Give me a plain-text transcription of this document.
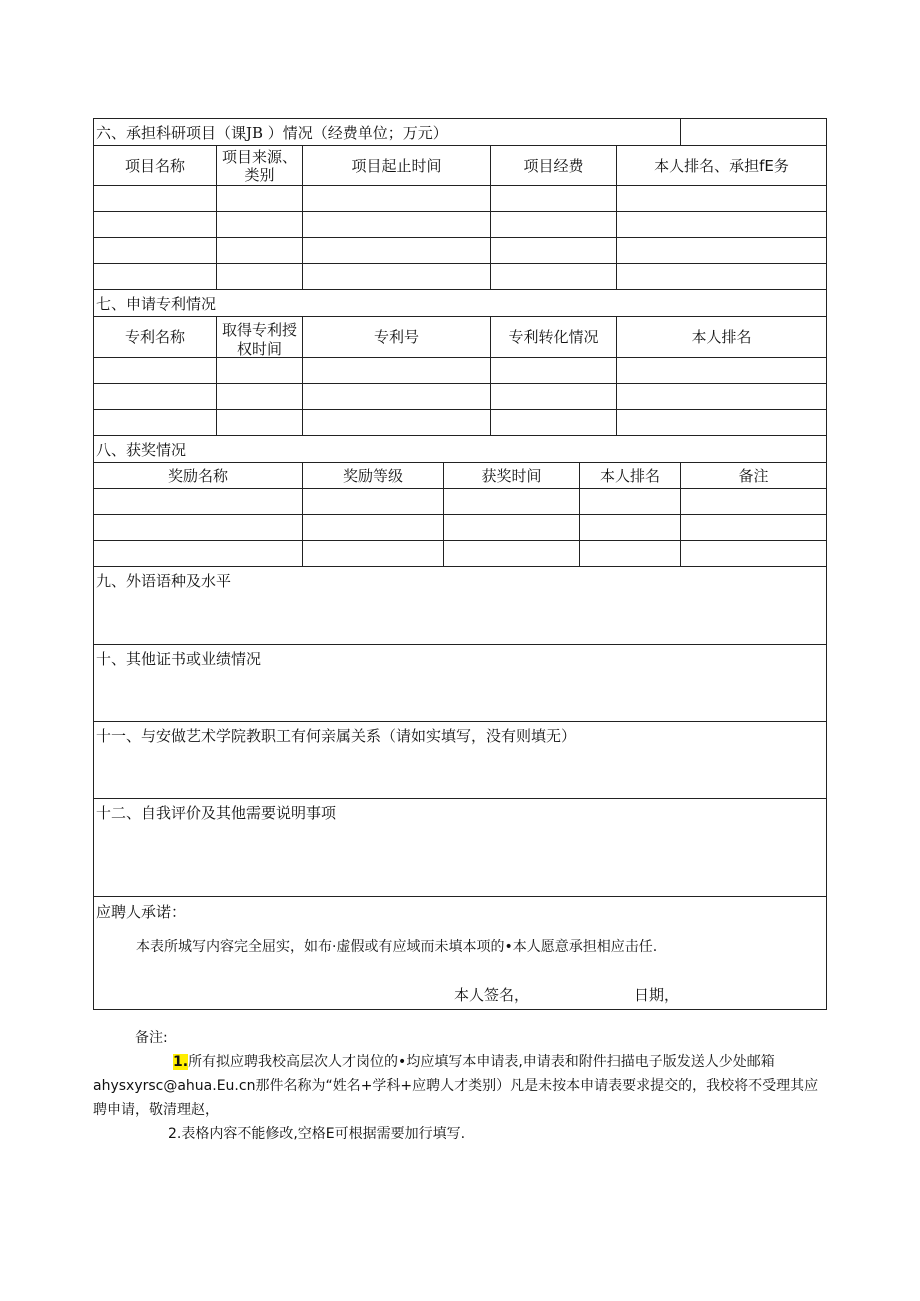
六、承担科研项目（课JB ）情况（经费单位；万元）							
项目名称	项目来源、类别	项目起止时间		项目经费		本人排名、承担fE务	

七、申请专利情况							
专利名称	取得专利授权时间	专利号		专利转化情况		本人排名	

八、获奖情况							
奖励名称		奖励等级	获奖时间		本人排名		备注

九、外语语种及水平							
十、其他证书或业绩情况							
十一、与安做艺术学院教职工有何亲属关系（请如实填写，没有则填无）							
十二、自我评价及其他需要说明事项							

应聘人承诺：
本表所城写内容完全屈实，如布·虚假或有应域而未填本项的•本人愿意承担相应击任.
本人签名， 日期，							
备注:
1.所有拟应聘我校高层次人才岗位的•均应填写本申请表,申请表和附件扫描电子版发送人少处邮箱ahysxyrsc@ahua.Eu.cn那件名称为“姓名+学科+应聘人才类别）凡是未按本申请表要求提交的，我校将不受理其应聘申请，敬清理赵，
2.表格内容不能修改,空格E可根据需要加行填写.
